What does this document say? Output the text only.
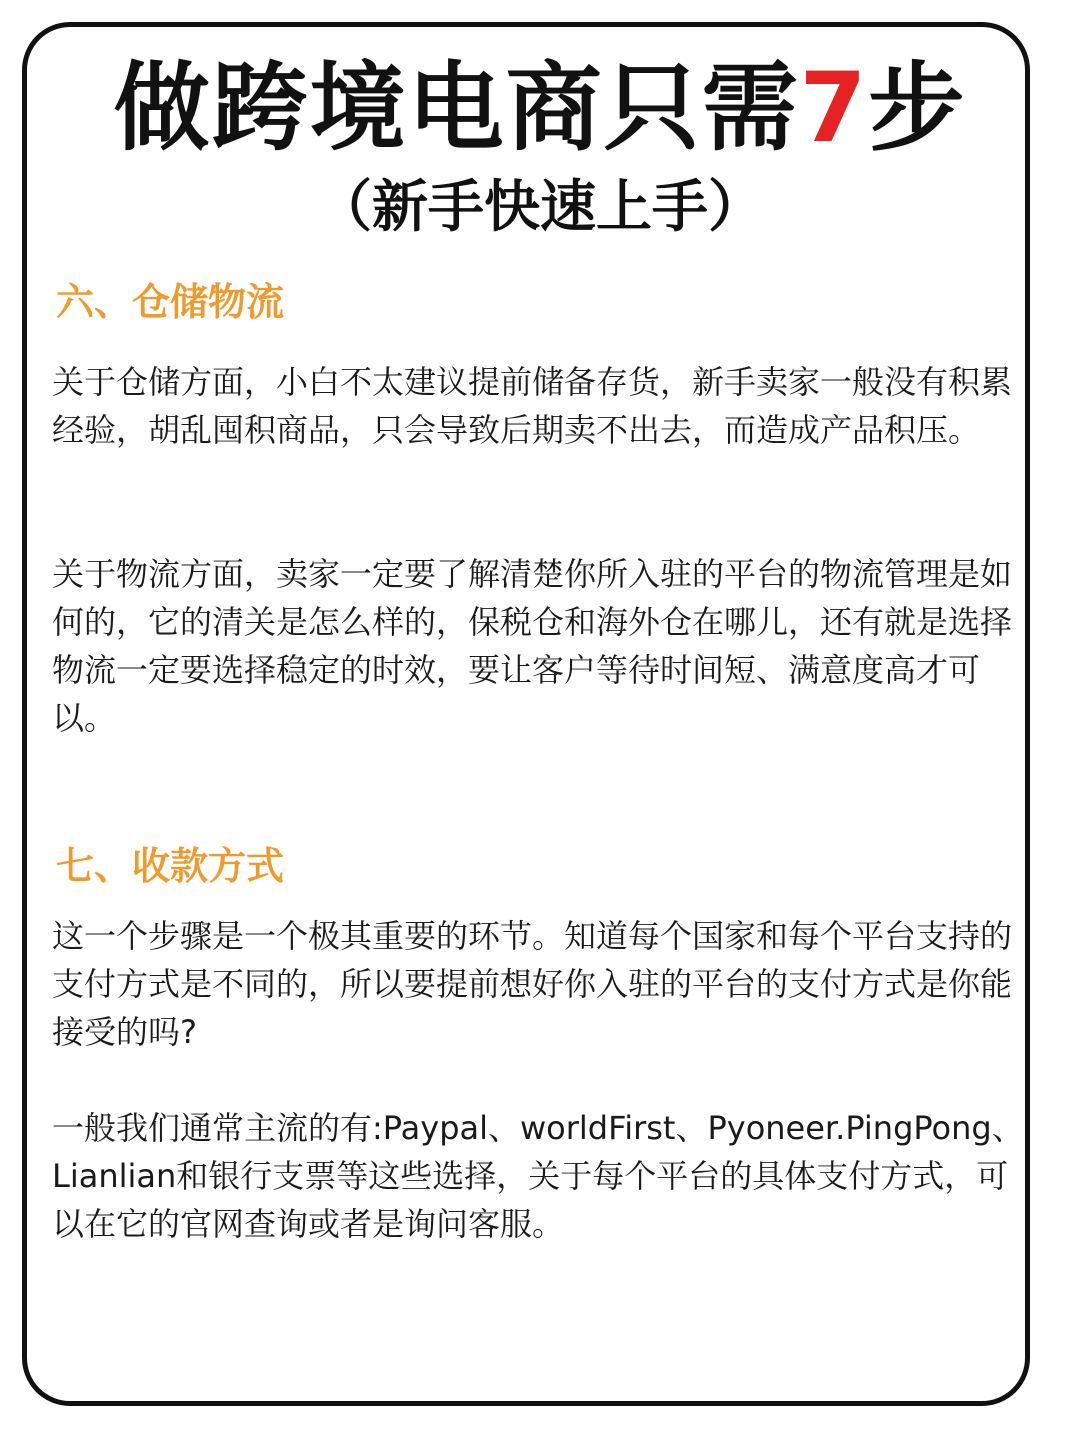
做跨境电商只需7步
（新手快速上手）
六、仓储物流

关于仓储方面，小白不太建议提前储备存货，新手卖家一般没有积累经验，胡乱囤积商品，只会导致后期卖不出去，而造成产品积压。

关于物流方面，卖家一定要了解清楚你所入驻的平台的物流管理是如何的，它的清关是怎么样的，保税仓和海外仓在哪儿，还有就是选择物流一定要选择稳定的时效，要让客户等待时间短、满意度高才可以。

七、收款方式

这一个步骤是一个极其重要的环节。知道每个国家和每个平台支持的支付方式是不同的，所以要提前想好你入驻的平台的支付方式是你能接受的吗?

一般我们通常主流的有:Paypal、worldFirst、Pyoneer.PingPong、Lianlian和银行支票等这些选择，关于每个平台的具体支付方式，可以在它的官网查询或者是询问客服。
